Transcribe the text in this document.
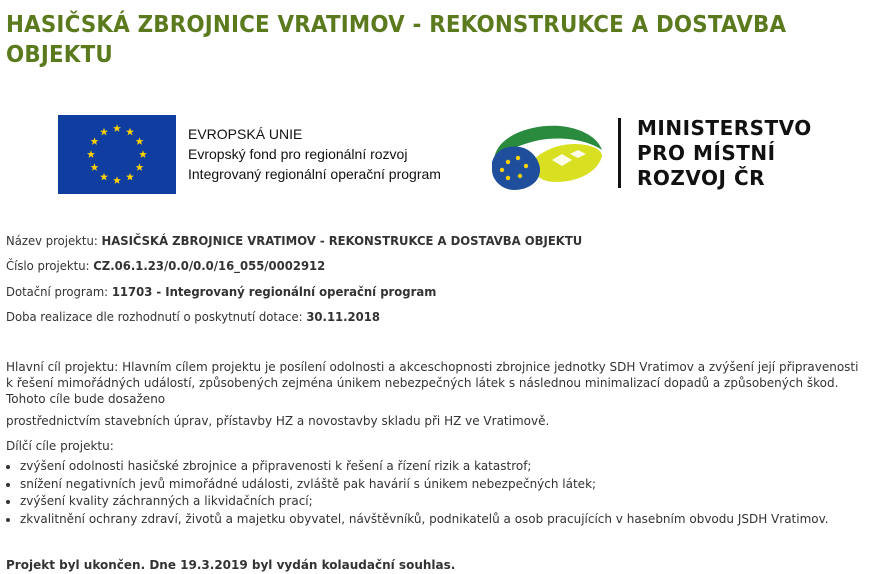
HASIČSKÁ ZBROJNICE VRATIMOV - REKONSTRUKCE A DOSTAVBA OBJEKTU
EVROPSKÁ UNIE
Evropský fond pro regionální rozvoj
Integrovaný regionální operační program
MINISTERSTVO
PRO MÍSTNÍ
ROZVOJ ČR
Název projektu: HASIČSKÁ ZBROJNICE VRATIMOV - REKONSTRUKCE A DOSTAVBA OBJEKTU
Číslo projektu: CZ.06.1.23/0.0/0.0/16_055/0002912
Dotační program: 11703 - Integrovaný regionální operační program
Doba realizace dle rozhodnutí o poskytnutí dotace: 30.11.2018
Hlavní cíl projektu: Hlavním cílem projektu je posílení odolnosti a akceschopnosti zbrojnice jednotky SDH Vratimov a zvýšení její připravenosti k řešení mimořádných událostí, způsobených zejména únikem nebezpečných látek s následnou minimalizací dopadů a způsobených škod. Tohoto cíle bude dosaženo
prostřednictvím stavebních úprav, přístavby HZ a novostavby skladu při HZ ve Vratimově.
Dílčí cíle projektu:
• zvýšení odolnosti hasičské zbrojnice a připravenosti k řešení a řízení rizik a katastrof;
• snížení negativních jevů mimořádné události, zvláště pak havárií s únikem nebezpečných látek;
• zvýšení kvality záchranných a likvidačních prací;
• zkvalitnění ochrany zdraví, životů a majetku obyvatel, návštěvníků, podnikatelů a osob pracujících v hasebním obvodu JSDH Vratimov.
Projekt byl ukončen. Dne 19.3.2019 byl vydán kolaudační souhlas.
